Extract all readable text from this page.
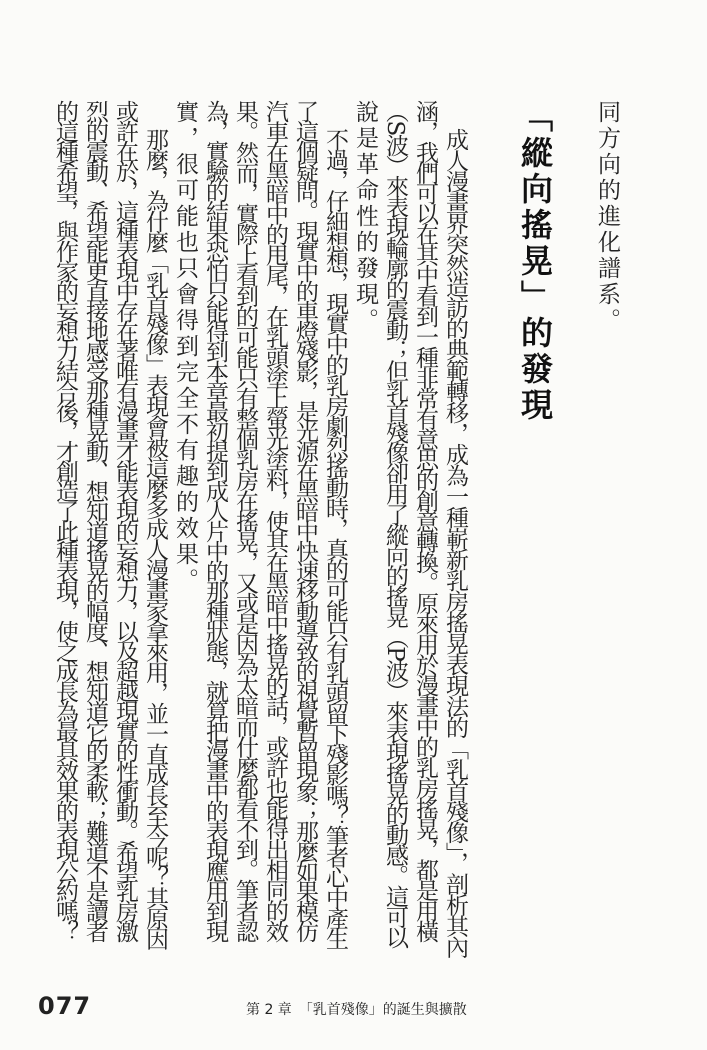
同方向的進化譜系。
「縱向搖晃」的發現
成人漫畫界突然造訪的典範轉移，成為一種嶄新乳房搖晃表現法的「乳首殘像」，剖析其內
涵，我們可以在其中看到一種非常有意思的創意轉換。原來用於漫畫中的乳房搖晃，都是用橫
（S波）來表現輪廓的震動；但乳首殘像卻用了縱向的搖晃（P波）來表現搖晃的動感。這可以
說是革命性的發現。
不過，仔細想想，現實中的乳房劇烈搖動時，真的可能只有乳頭留下殘影嗎？筆者心中產生
了這個疑問。現實中的車燈殘影，是光源在黑暗中快速移動導致的視覺暫留現象；那麼如果模仿
汽車在黑暗中的甩尾，在乳頭塗上螢光塗料，使其在黑暗中搖晃的話，或許也能得出相同的效
果。然而，實際上看到的可能只有整個乳房在搖晃，又或是因為太暗而什麼都看不到。筆者認
為，實驗的結果恐怕只能得到本章最初提到成人片中的那種狀態，就算把漫畫中的表現應用到現
實，很可能也只會得到完全不有趣的效果。
那麼，為什麼「乳首殘像」表現會被這麼多成人漫畫家拿來用，並一直成長至今呢？其原因
或許在於，這種表現中存在著唯有漫畫才能表現的妄想力，以及超越現實的性衝動。希望乳房激
烈的震動、希望能更直接地感受那種晃動、想知道搖晃的幅度、想知道它的柔軟；難道不是讀者
的這種希望，與作家的妄想力結合後，才創造了此種表現，使之成長為最具效果的表現公約嗎？
077	第 2 章　「乳首殘像」的誕生與擴散
